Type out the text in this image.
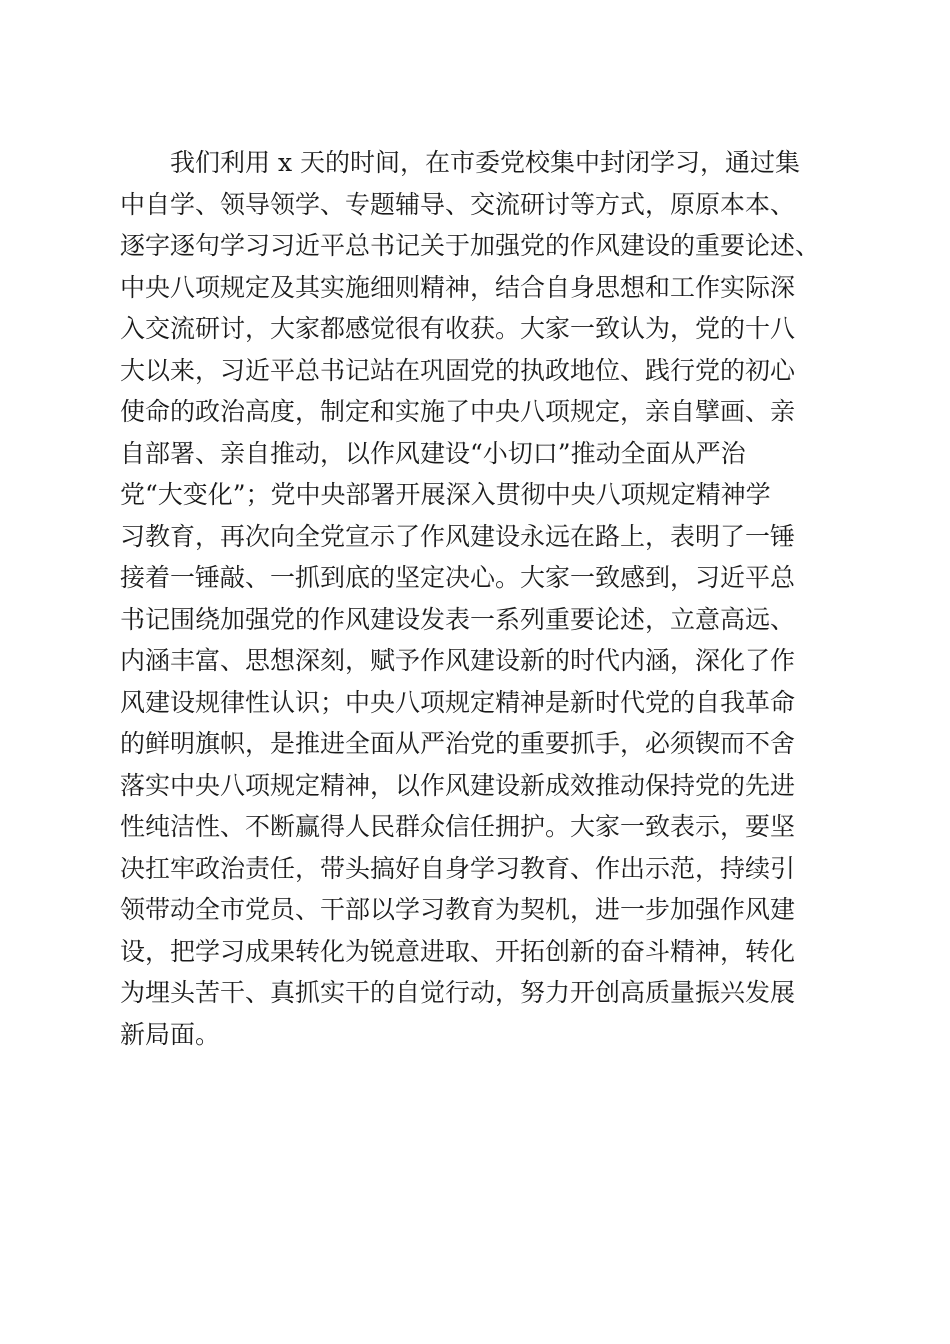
　　我们利用 x 天的时间，在市委党校集中封闭学习，通过集
中自学、领导领学、专题辅导、交流研讨等方式，原原本本、
逐字逐句学习习近平总书记关于加强党的作风建设的重要论述、
中央八项规定及其实施细则精神，结合自身思想和工作实际深
入交流研讨，大家都感觉很有收获。大家一致认为，党的十八
大以来，习近平总书记站在巩固党的执政地位、践行党的初心
使命的政治高度，制定和实施了中央八项规定，亲自擘画、亲
自部署、亲自推动，以作风建设“小切口”推动全面从严治
党“大变化”；党中央部署开展深入贯彻中央八项规定精神学
习教育，再次向全党宣示了作风建设永远在路上，表明了一锤
接着一锤敲、一抓到底的坚定决心。大家一致感到，习近平总
书记围绕加强党的作风建设发表一系列重要论述，立意高远、
内涵丰富、思想深刻，赋予作风建设新的时代内涵，深化了作
风建设规律性认识；中央八项规定精神是新时代党的自我革命
的鲜明旗帜，是推进全面从严治党的重要抓手，必须锲而不舍
落实中央八项规定精神，以作风建设新成效推动保持党的先进
性纯洁性、不断赢得人民群众信任拥护。大家一致表示，要坚
决扛牢政治责任，带头搞好自身学习教育、作出示范，持续引
领带动全市党员、干部以学习教育为契机，进一步加强作风建
设，把学习成果转化为锐意进取、开拓创新的奋斗精神，转化
为埋头苦干、真抓实干的自觉行动，努力开创高质量振兴发展
新局面。
